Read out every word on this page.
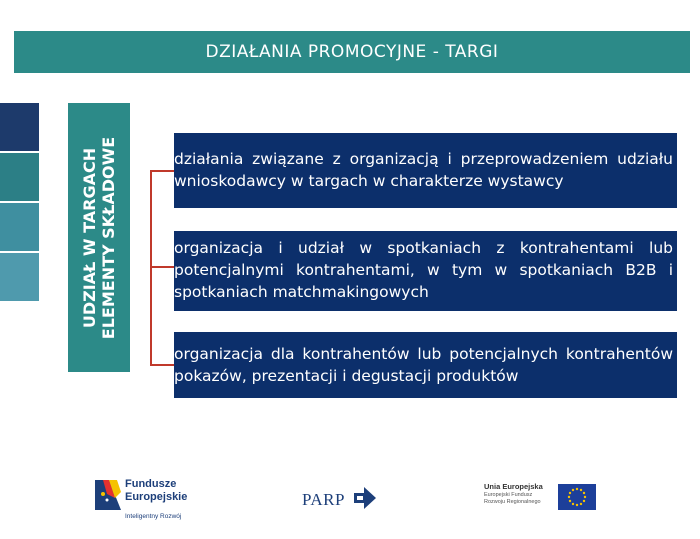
DZIAŁANIA PROMOCYJNE - TARGI
UDZIAŁ W TARGACH ELEMENTY SKŁADOWE	działania związane z organizacją i przeprowadzeniem udziału wnioskodawcy w targach w charakterze wystawcy
organizacja i udział w spotkaniach z kontrahentami lub potencjalnymi kontrahentami, w tym w spotkaniach B2B i spotkaniach matchmakingowych
organizacja dla kontrahentów lub potencjalnych kontrahentów pokazów, prezentacji i degustacji produktów
Fundusze
Europejskie
Inteligentny Rozwój
PARP
Unia Europejska
Europejski Fundusz
Rozwoju Regionalnego
